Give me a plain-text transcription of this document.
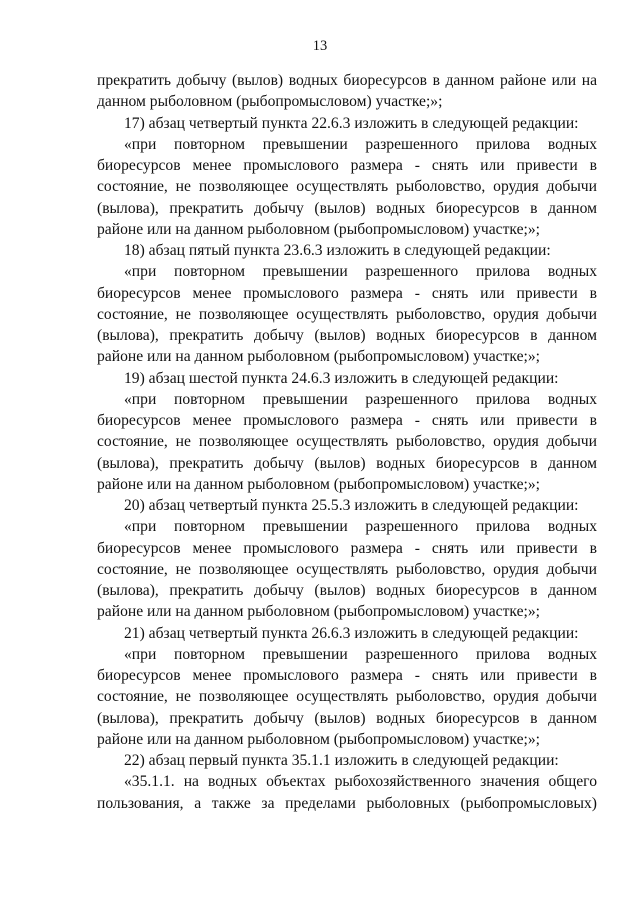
13

прекратить добычу (вылов) водных биоресурсов в данном районе или на данном рыболовном (рыбопромысловом) участке;»;

17) абзац четвертый пункта 22.6.3 изложить в следующей редакции:

«при повторном превышении разрешенного прилова водных биоресурсов менее промыслового размера - снять или привести в состояние, не позволяющее осуществлять рыболовство, орудия добычи (вылова), прекратить добычу (вылов) водных биоресурсов в данном районе или на данном рыболовном (рыбопромысловом) участке;»;

18) абзац пятый пункта 23.6.3 изложить в следующей редакции:

«при повторном превышении разрешенного прилова водных биоресурсов менее промыслового размера - снять или привести в состояние, не позволяющее осуществлять рыболовство, орудия добычи (вылова), прекратить добычу (вылов) водных биоресурсов в данном районе или на данном рыболовном (рыбопромысловом) участке;»;

19) абзац шестой пункта 24.6.3 изложить в следующей редакции:

«при повторном превышении разрешенного прилова водных биоресурсов менее промыслового размера - снять или привести в состояние, не позволяющее осуществлять рыболовство, орудия добычи (вылова), прекратить добычу (вылов) водных биоресурсов в данном районе или на данном рыболовном (рыбопромысловом) участке;»;

20) абзац четвертый пункта 25.5.3 изложить в следующей редакции:

«при повторном превышении разрешенного прилова водных биоресурсов менее промыслового размера - снять или привести в состояние, не позволяющее осуществлять рыболовство, орудия добычи (вылова), прекратить добычу (вылов) водных биоресурсов в данном районе или на данном рыболовном (рыбопромысловом) участке;»;

21) абзац четвертый пункта 26.6.3 изложить в следующей редакции:

«при повторном превышении разрешенного прилова водных биоресурсов менее промыслового размера - снять или привести в состояние, не позволяющее осуществлять рыболовство, орудия добычи (вылова), прекратить добычу (вылов) водных биоресурсов в данном районе или на данном рыболовном (рыбопромысловом) участке;»;

22) абзац первый пункта 35.1.1 изложить в следующей редакции:

«35.1.1. на водных объектах рыбохозяйственного значения общего пользования, а также за пределами рыболовных (рыбопромысловых)
